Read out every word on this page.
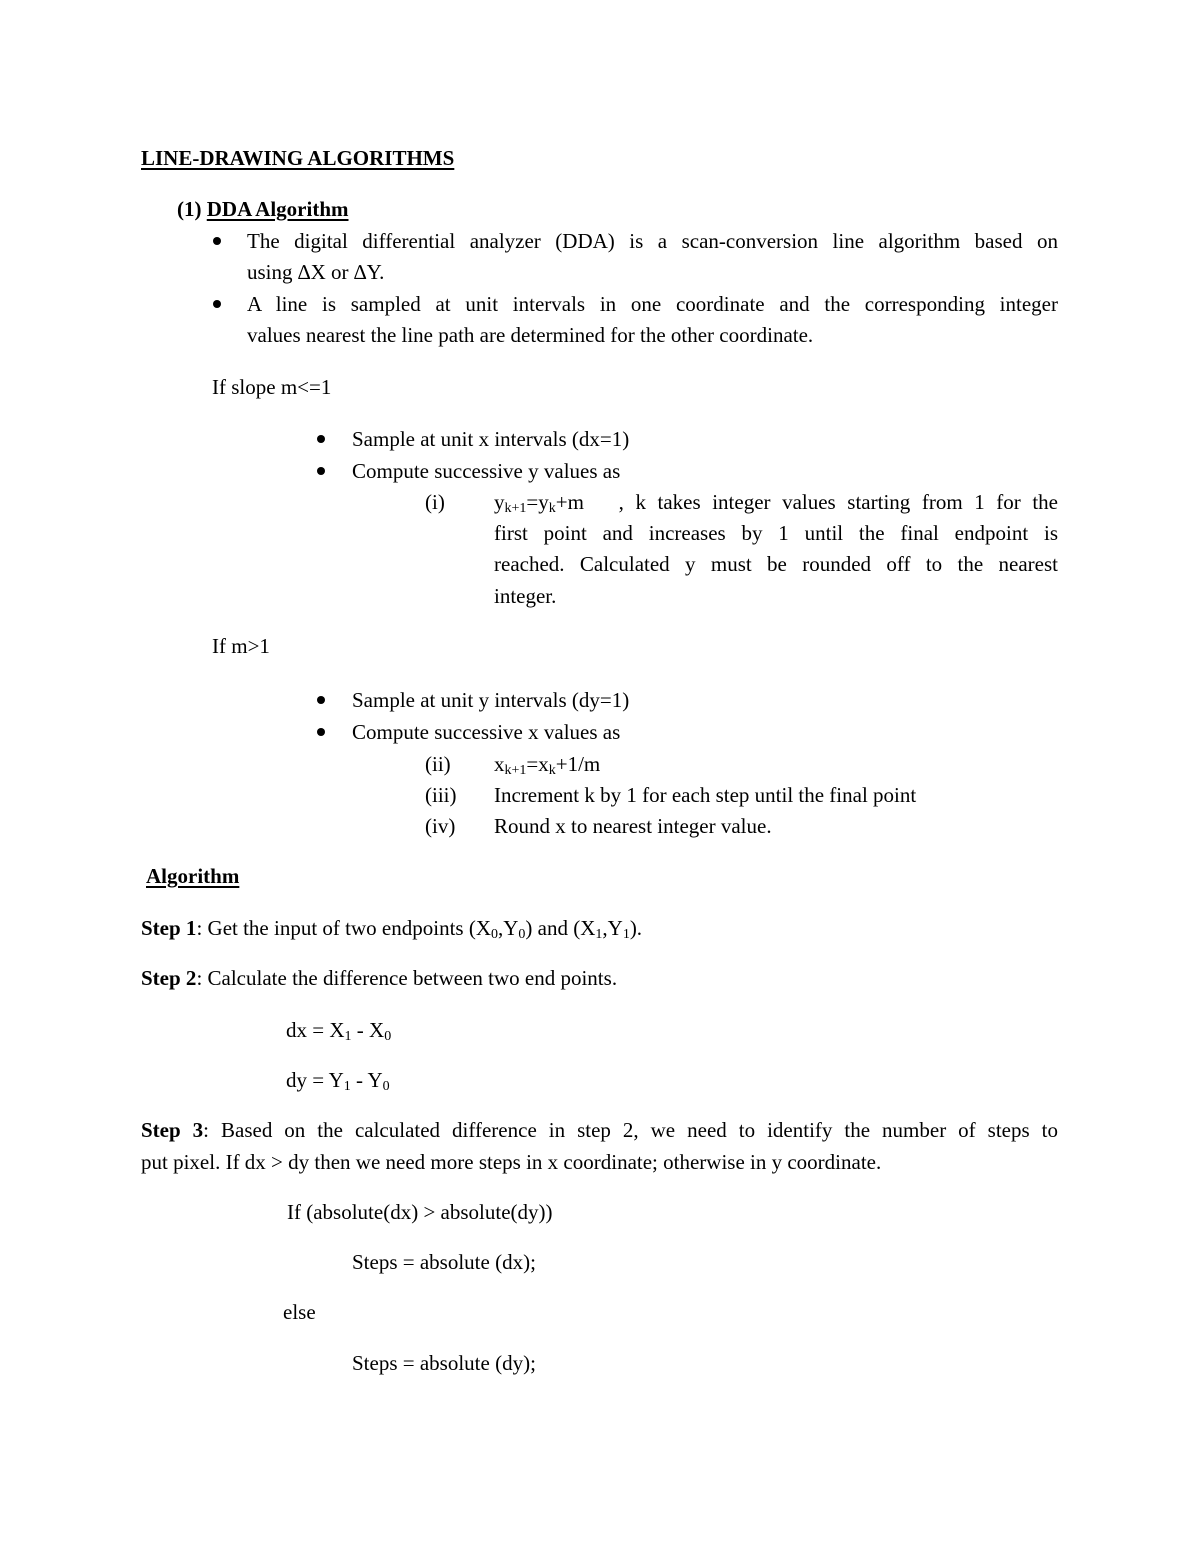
LINE-DRAWING ALGORITHMS
(1) DDA Algorithm
The digital differential analyzer (DDA) is a scan-conversion line algorithm based on
using ∆X or ∆Y.
A line is sampled at unit intervals in one coordinate and the corresponding integer
values nearest the line path are determined for the other coordinate.
If slope m<=1
Sample at unit x intervals (dx=1)
Compute successive y values as
(i) $y_{k+1}=y_k+m$ , k takes integer values starting from 1 for the
first point and increases by 1 until the final endpoint is
reached. Calculated y must be rounded off to the nearest
integer.
If m>1
Sample at unit y intervals (dy=1)
Compute successive x values as
(ii) $x_{k+1}=x_k+1/m$
(iii) Increment k by 1 for each step until the final point
(iv) Round x to nearest integer value.
Algorithm
Step 1: Get the input of two endpoints $(X_0,Y_0)$ and $(X_1,Y_1)$.
Step 2: Calculate the difference between two end points.
dx = $X_1 - X_0$
dy = $Y_1 - Y_0$
Step 3: Based on the calculated difference in step 2, we need to identify the number of steps to
put pixel. If dx > dy then we need more steps in x coordinate; otherwise in y coordinate.
If (absolute(dx) > absolute(dy))
Steps = absolute (dx);
else
Steps = absolute (dy);
